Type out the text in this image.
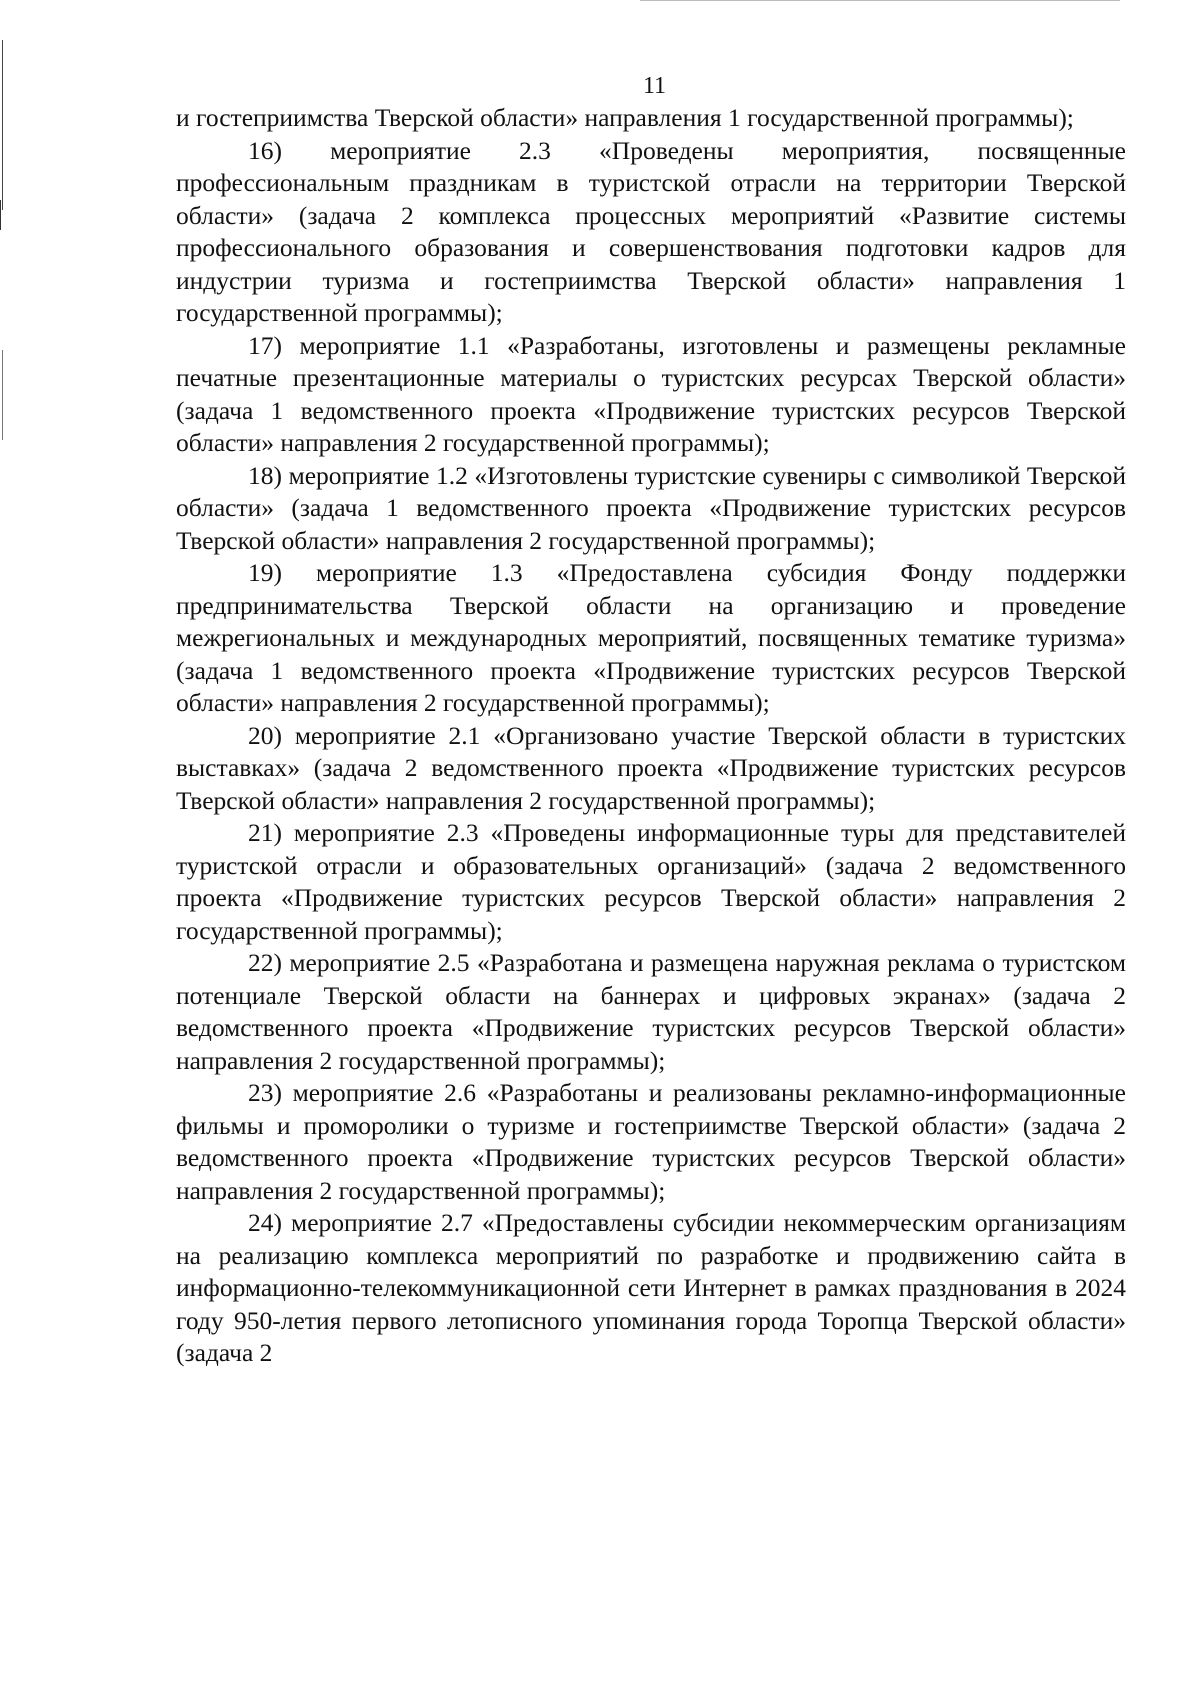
11

и гостеприимства Тверской области» направления 1 государственной программы);

16) мероприятие 2.3 «Проведены мероприятия, посвященные профессиональным праздникам в туристской отрасли на территории Тверской области» (задача 2 комплекса процессных мероприятий «Развитие системы профессионального образования и совершенствования подготовки кадров для индустрии туризма и гостеприимства Тверской области» направления 1 государственной программы);

17) мероприятие 1.1 «Разработаны, изготовлены и размещены рекламные печатные презентационные материалы о туристских ресурсах Тверской области» (задача 1 ведомственного проекта «Продвижение туристских ресурсов Тверской области» направления 2 государственной программы);

18) мероприятие 1.2 «Изготовлены туристские сувениры с символикой Тверской области» (задача 1 ведомственного проекта «Продвижение туристских ресурсов Тверской области» направления 2 государственной программы);

19) мероприятие 1.3 «Предоставлена субсидия Фонду поддержки предпринимательства Тверской области на организацию и проведение межрегиональных и международных мероприятий, посвященных тематике туризма» (задача 1 ведомственного проекта «Продвижение туристских ресурсов Тверской области» направления 2 государственной программы);

20) мероприятие 2.1 «Организовано участие Тверской области в туристских выставках» (задача 2 ведомственного проекта «Продвижение туристских ресурсов Тверской области» направления 2 государственной программы);

21) мероприятие 2.3 «Проведены информационные туры для представителей туристской отрасли и образовательных организаций» (задача 2 ведомственного проекта «Продвижение туристских ресурсов Тверской области» направления 2 государственной программы);

22) мероприятие 2.5 «Разработана и размещена наружная реклама о туристском потенциале Тверской области на баннерах и цифровых экранах» (задача 2 ведомственного проекта «Продвижение туристских ресурсов Тверской области» направления 2 государственной программы);

23) мероприятие 2.6 «Разработаны и реализованы рекламно-информационные фильмы и проморолики о туризме и гостеприимстве Тверской области» (задача 2 ведомственного проекта «Продвижение туристских ресурсов Тверской области» направления 2 государственной программы);

24) мероприятие 2.7 «Предоставлены субсидии некоммерческим организациям на реализацию комплекса мероприятий по разработке и продвижению сайта в информационно-телекоммуникационной сети Интернет в рамках празднования в 2024 году 950-летия первого летописного упоминания города Торопца Тверской области» (задача 2
